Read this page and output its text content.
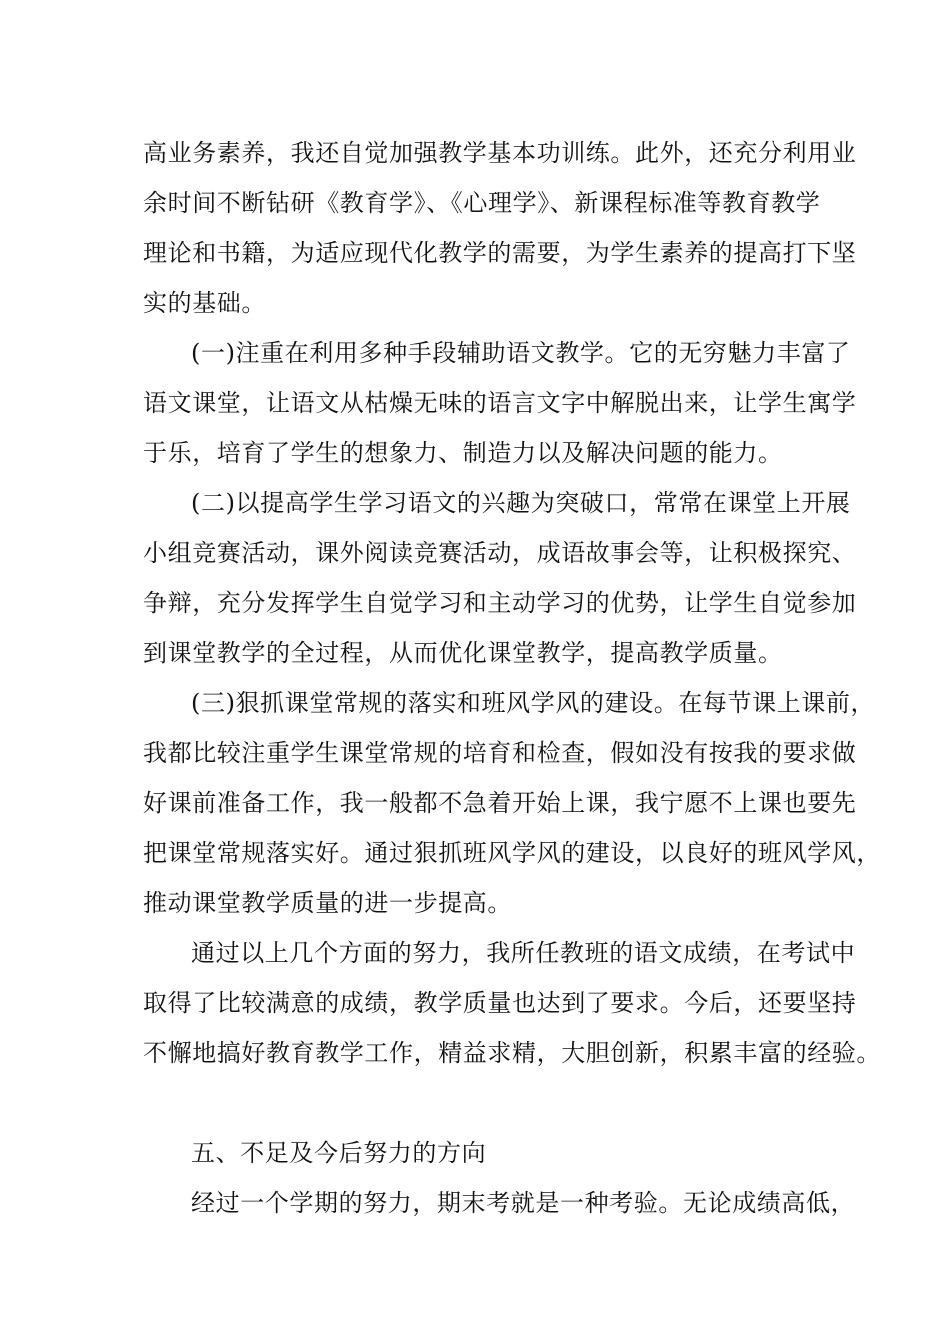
高业务素养，我还自觉加强教学基本功训练。此外，还充分利用业
余时间不断钻研《教育学》、《心理学》、新课程标准等教育教学
理论和书籍，为适应现代化教学的需要，为学生素养的提高打下坚
实的基础。
(一)注重在利用多种手段辅助语文教学。它的无穷魅力丰富了
语文课堂，让语文从枯燥无味的语言文字中解脱出来，让学生寓学
于乐，培育了学生的想象力、制造力以及解决问题的能力。
(二)以提高学生学习语文的兴趣为突破口，常常在课堂上开展
小组竞赛活动，课外阅读竞赛活动，成语故事会等，让积极探究、
争辩，充分发挥学生自觉学习和主动学习的优势，让学生自觉参加
到课堂教学的全过程，从而优化课堂教学，提高教学质量。
(三)狠抓课堂常规的落实和班风学风的建设。在每节课上课前，
我都比较注重学生课堂常规的培育和检查，假如没有按我的要求做
好课前准备工作，我一般都不急着开始上课，我宁愿不上课也要先
把课堂常规落实好。通过狠抓班风学风的建设，以良好的班风学风，
推动课堂教学质量的进一步提高。
通过以上几个方面的努力，我所任教班的语文成绩，在考试中
取得了比较满意的成绩，教学质量也达到了要求。今后，还要坚持
不懈地搞好教育教学工作，精益求精，大胆创新，积累丰富的经验。
五、不足及今后努力的方向
经过一个学期的努力，期末考就是一种考验。无论成绩高低，
